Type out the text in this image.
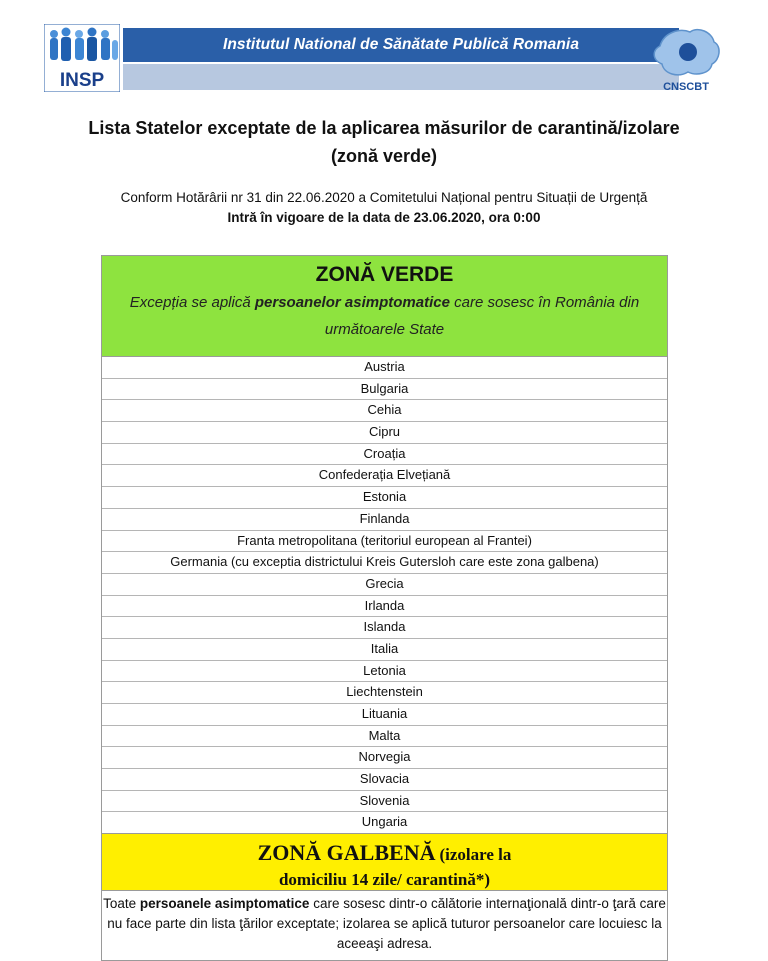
INSP
Institutul National de Sănătate Publică Romania
CNSCBT
Lista Statelor exceptate de la aplicarea măsurilor de carantină/izolare
(zonă verde)
Conform Hotărârii nr 31 din 22.06.2020 a Comitetului Național pentru Situații de Urgență
Intră în vigoare de la data de 23.06.2020, ora 0:00
ZONĂ VERDE
Excepția se aplică persoanelor asimptomatice care sosesc în România din următoarele State
Austria
Bulgaria
Cehia
Cipru
Croația
Confederația Elvețiană
Estonia
Finlanda
Franta metropolitana (teritoriul european al Frantei)
Germania (cu exceptia districtului Kreis Gutersloh care este zona galbena)
Grecia
Irlanda
Islanda
Italia
Letonia
Liechtenstein
Lituania
Malta
Norvegia
Slovacia
Slovenia
Ungaria
ZONĂ GALBENĂ (izolare la
domiciliu 14 zile/ carantină*)
Toate persoanele asimptomatice care sosesc dintr-o călătorie internaţională dintr-o ţară care nu face parte din lista ţărilor exceptate; izolarea se aplică tuturor persoanelor care locuiesc la aceeaşi adresa.
